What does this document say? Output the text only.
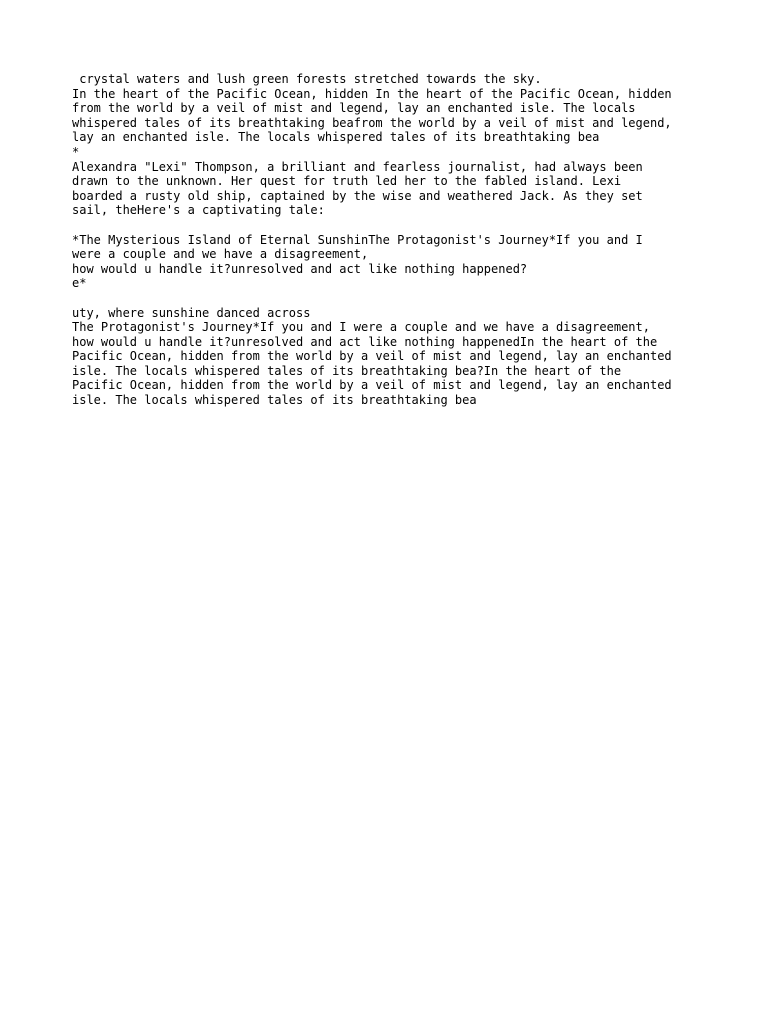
crystal waters and lush green forests stretched towards the sky.
In the heart of the Pacific Ocean, hidden In the heart of the Pacific Ocean, hidden
from the world by a veil of mist and legend, lay an enchanted isle. The locals
whispered tales of its breathtaking beafrom the world by a veil of mist and legend,
lay an enchanted isle. The locals whispered tales of its breathtaking bea
*
Alexandra "Lexi" Thompson, a brilliant and fearless journalist, had always been
drawn to the unknown. Her quest for truth led her to the fabled island. Lexi
boarded a rusty old ship, captained by the wise and weathered Jack. As they set
sail, theHere's a captivating tale:
*The Mysterious Island of Eternal SunshinThe Protagonist's Journey*If you and I
were a couple and we have a disagreement,
how would u handle it?unresolved and act like nothing happened?
e*
uty, where sunshine danced across
The Protagonist's Journey*If you and I were a couple and we have a disagreement,
how would u handle it?unresolved and act like nothing happenedIn the heart of the
Pacific Ocean, hidden from the world by a veil of mist and legend, lay an enchanted
isle. The locals whispered tales of its breathtaking bea?In the heart of the
Pacific Ocean, hidden from the world by a veil of mist and legend, lay an enchanted
isle. The locals whispered tales of its breathtaking bea
